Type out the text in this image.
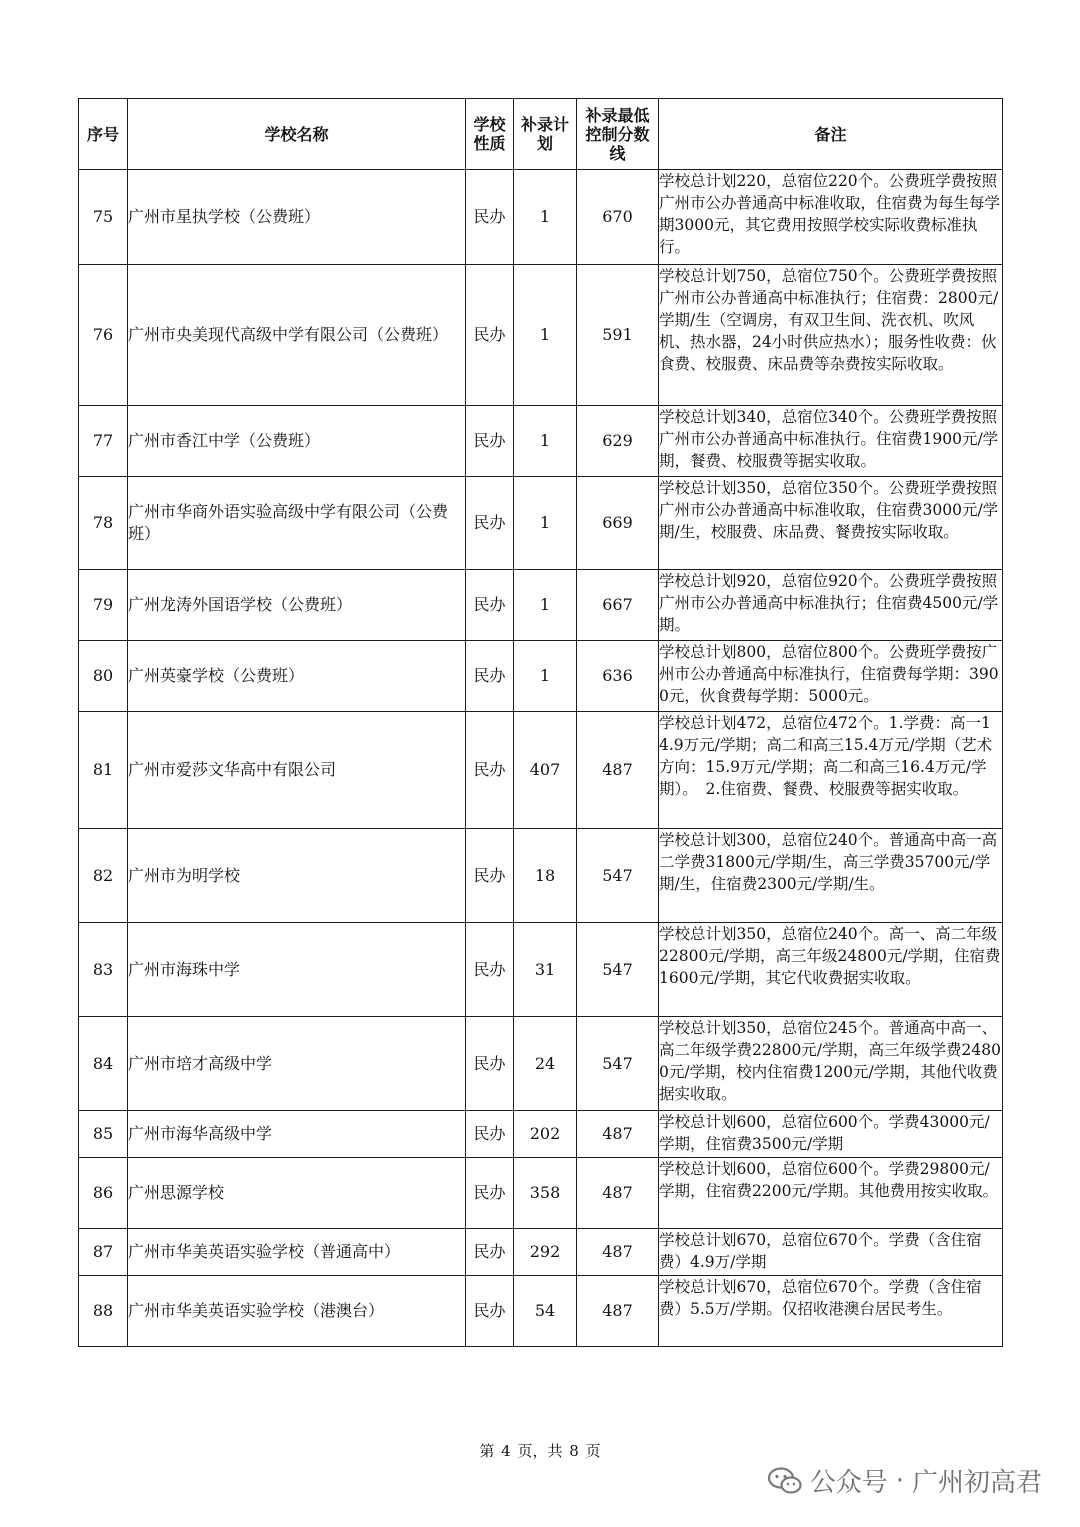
序号	学校名称	学校性质	补录计划	补录最低控制分数线	备注
75	广州市星执学校（公费班）	民办	1	670	学校总计划220，总宿位220个。公费班学费按照广州市公办普通高中标准收取，住宿费为每生每学期3000元，其它费用按照学校实际收费标准执行。

76	广州市央美现代高级中学有限公司（公费班）	民办	1	591	学校总计划750，总宿位750个。公费班学费按照广州市公办普通高中标准执行；住宿费：2800元/学期/生（空调房，有双卫生间、洗衣机、吹风机、热水器，24小时供应热水）；服务性收费：伙食费、校服费、床品费等杂费按实际收取。

77	广州市香江中学（公费班）	民办	1	629	学校总计划340，总宿位340个。公费班学费按照广州市公办普通高中标准执行。住宿费1900元/学期，餐费、校服费等据实收取。

78	广州市华商外语实验高级中学有限公司（公费班）	民办	1	669	学校总计划350，总宿位350个。公费班学费按照广州市公办普通高中标准收取，住宿费3000元/学期/生，校服费、床品费、餐费按实际收取。

79	广州龙涛外国语学校（公费班）	民办	1	667	学校总计划920，总宿位920个。公费班学费按照广州市公办普通高中标准执行；住宿费4500元/学期。

80	广州英豪学校（公费班）	民办	1	636	学校总计划800，总宿位800个。公费班学费按广州市公办普通高中标准执行，住宿费每学期：3900元，伙食费每学期：5000元。

81	广州市爱莎文华高中有限公司	民办	407	487	学校总计划472，总宿位472个。1.学费：高一14.9万元/学期；高二和高三15.4万元/学期（艺术方向：15.9万元/学期；高二和高三16.4万元/学期）。　2.住宿费、餐费、校服费等据实收取。

82	广州市为明学校	民办	18	547	学校总计划300，总宿位240个。普通高中高一高二学费31800元/学期/生，高三学费35700元/学期/生，住宿费2300元/学期/生。

83	广州市海珠中学	民办	31	547	学校总计划350，总宿位240个。高一、高二年级22800元/学期，高三年级24800元/学期，住宿费1600元/学期，其它代收费据实收取。

84	广州市培才高级中学	民办	24	547	学校总计划350，总宿位245个。普通高中高一、高二年级学费22800元/学期，高三年级学费24800元/学期，校内住宿费1200元/学期，其他代收费据实收取。

85	广州市海华高级中学	民办	202	487	学校总计划600，总宿位600个。学费43000元/学期，住宿费3500元/学期

86	广州思源学校	民办	358	487	学校总计划600，总宿位600个。学费29800元/学期，住宿费2200元/学期。其他费用按实收取。

87	广州市华美英语实验学校（普通高中）	民办	292	487	学校总计划670，总宿位670个。学费（含住宿费）4.9万/学期

88	广州市华美英语实验学校（港澳台）	民办	54	487	学校总计划670，总宿位670个。学费（含住宿费）5.5万/学期。仅招收港澳台居民考生。
第 4 页，共 8 页
公众号 · 广州初高君
